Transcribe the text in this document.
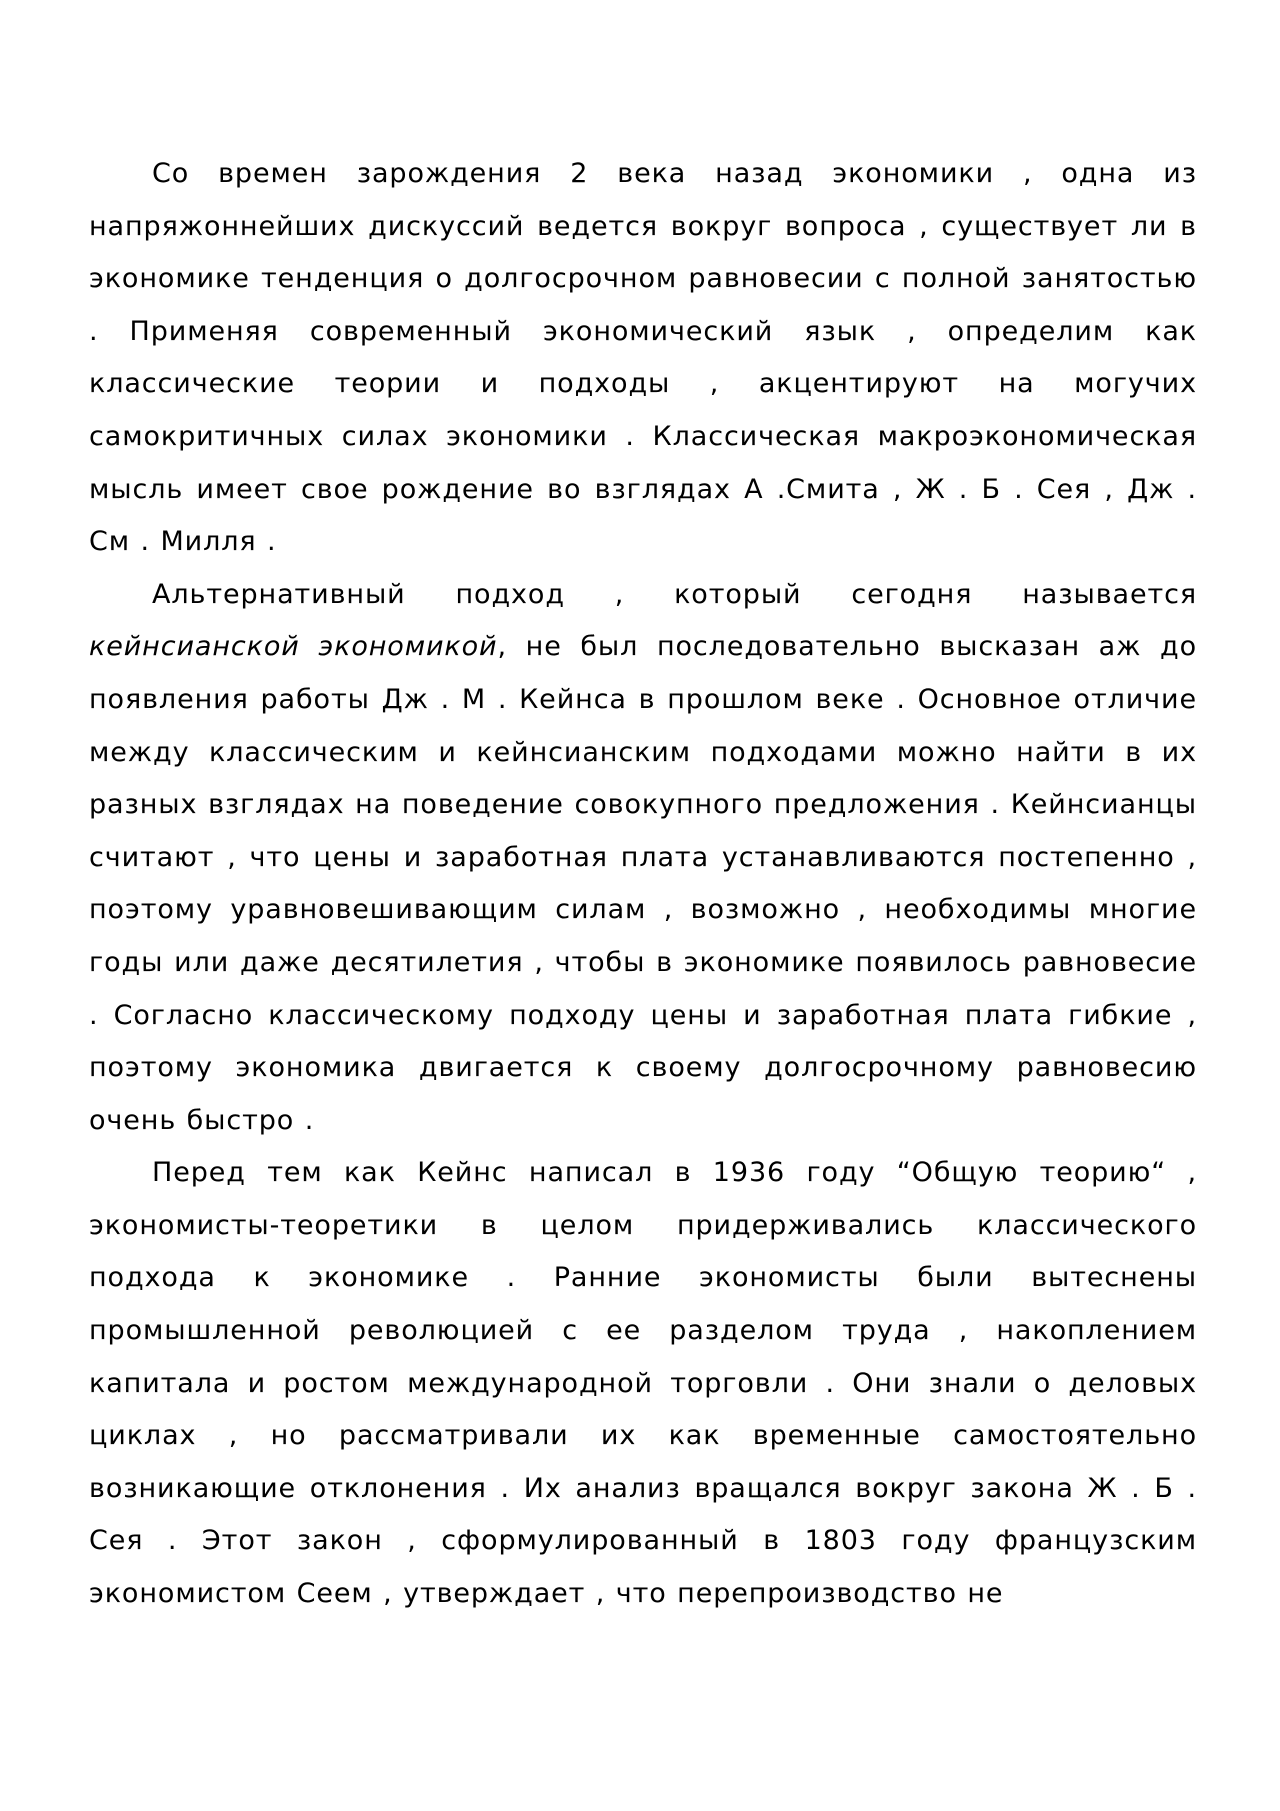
Со времен зарождения 2 века назад экономики , одна из напряжоннейших дискуссий ведется вокруг вопроса , существует ли в экономике тенденция о долгосрочном равновесии с полной занятостью . Применяя современный экономический язык , определим как классические теории и подходы , акцентируют на могучих самокритичных силах экономики . Классическая макроэкономическая мысль имеет свое рождение во взглядах А .Смита , Ж . Б . Сея , Дж . См . Милля .

Альтернативный подход , который сегодня называется кейнсианской экономикой, не был последовательно высказан аж до появления работы Дж . М . Кейнса в прошлом веке . Основное отличие между классическим и кейнсианским подходами можно найти в их разных взглядах на поведение совокупного предложения . Кейнсианцы считают , что цены и заработная плата устанавливаются постепенно , поэтому уравновешивающим силам , возможно , необходимы многие годы или даже десятилетия , чтобы в экономике появилось равновесие . Согласно классическому подходу цены и заработная плата гибкие , поэтому экономика двигается к своему долгосрочному равновесию очень быстро .

Перед тем как Кейнс написал в 1936 году “Общую теорию“ , экономисты-теоретики в целом придерживались классического подхода к экономике . Ранние экономисты были вытеснены промышленной революцией с ее разделом труда , накоплением капитала и ростом международной торговли . Они знали о деловых циклах , но рассматривали их как временные самостоятельно возникающие отклонения . Их анализ вращался вокруг закона Ж . Б . Сея . Этот закон , сформулированный в 1803 году французским экономистом Сеем , утверждает , что перепроизводство не
